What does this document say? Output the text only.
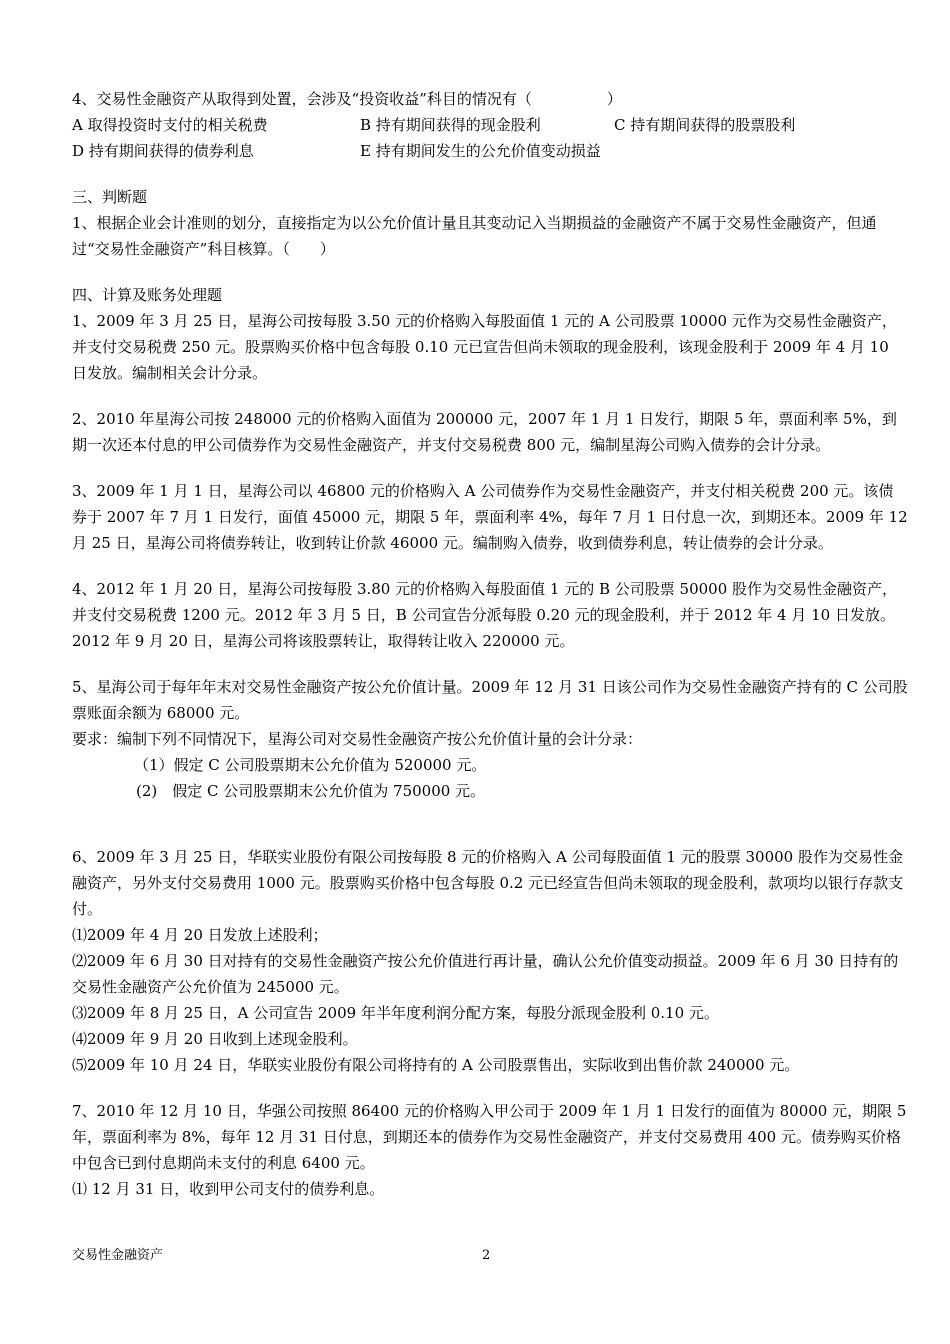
4、交易性金融资产从取得到处置，会涉及“投资收益”科目的情况有（　　　　　）

A 取得投资时支付的相关税费	B 持有期间获得的现金股利	C 持有期间获得的股票股利
D 持有期间获得的债券利息	E 持有期间发生的公允价值变动损益

三、判断题

1、根据企业会计准则的划分，直接指定为以公允价值计量且其变动记入当期损益的金融资产不属于交易性金融资产，但通过“交易性金融资产”科目核算。（　　）

四、计算及账务处理题

1、2009 年 3 月 25 日，星海公司按每股 3.50 元的价格购入每股面值 1 元的 A 公司股票 10000 元作为交易性金融资产，并支付交易税费 250 元。股票购买价格中包含每股 0.10 元已宣告但尚未领取的现金股利，该现金股利于 2009 年 4 月 10 日发放。编制相关会计分录。

2、2010 年星海公司按 248000 元的价格购入面值为 200000 元，2007 年 1 月 1 日发行，期限 5 年，票面利率 5%，到期一次还本付息的甲公司债券作为交易性金融资产，并支付交易税费 800 元，编制星海公司购入债券的会计分录。

3、2009 年 1 月 1 日，星海公司以 46800 元的价格购入 A 公司债券作为交易性金融资产，并支付相关税费 200 元。该债券于 2007 年 7 月 1 日发行，面值 45000 元，期限 5 年，票面利率 4%，每年 7 月 1 日付息一次，到期还本。2009 年 12 月 25 日，星海公司将债券转让，收到转让价款 46000 元。编制购入债券，收到债券利息，转让债券的会计分录。

4、2012 年 1 月 20 日，星海公司按每股 3.80 元的价格购入每股面值 1 元的 B 公司股票 50000 股作为交易性金融资产，并支付交易税费 1200 元。2012 年 3 月 5 日，B 公司宣告分派每股 0.20 元的现金股利，并于 2012 年 4 月 10 日发放。2012 年 9 月 20 日，星海公司将该股票转让，取得转让收入 220000 元。

5、星海公司于每年年末对交易性金融资产按公允价值计量。2009 年 12 月 31 日该公司作为交易性金融资产持有的 C 公司股票账面余额为 68000 元。

要求：编制下列不同情况下，星海公司对交易性金融资产按公允价值计量的会计分录：

（1）假定 C 公司股票期末公允价值为 520000 元。

(2)　假定 C 公司股票期末公允价值为 750000 元。

6、2009 年 3 月 25 日，华联实业股份有限公司按每股 8 元的价格购入 A 公司每股面值 1 元的股票 30000 股作为交易性金融资产，另外支付交易费用 1000 元。股票购买价格中包含每股 0.2 元已经宣告但尚未领取的现金股利，款项均以银行存款支付。

⑴2009 年 4 月 20 日发放上述股利；

⑵2009 年 6 月 30 日对持有的交易性金融资产按公允价值进行再计量，确认公允价值变动损益。2009 年 6 月 30 日持有的交易性金融资产公允价值为 245000 元。

⑶2009 年 8 月 25 日，A 公司宣告 2009 年半年度利润分配方案，每股分派现金股利 0.10 元。

⑷2009 年 9 月 20 日收到上述现金股利。

⑸2009 年 10 月 24 日，华联实业股份有限公司将持有的 A 公司股票售出，实际收到出售价款 240000 元。

7、2010 年 12 月 10 日，华强公司按照 86400 元的价格购入甲公司于 2009 年 1 月 1 日发行的面值为 80000 元，期限 5 年，票面利率为 8%，每年 12 月 31 日付息，到期还本的债券作为交易性金融资产，并支付交易费用 400 元。债券购买价格中包含已到付息期尚未支付的利息 6400 元。

⑴ 12 月 31 日，收到甲公司支付的债券利息。

交易性金融资产	2
